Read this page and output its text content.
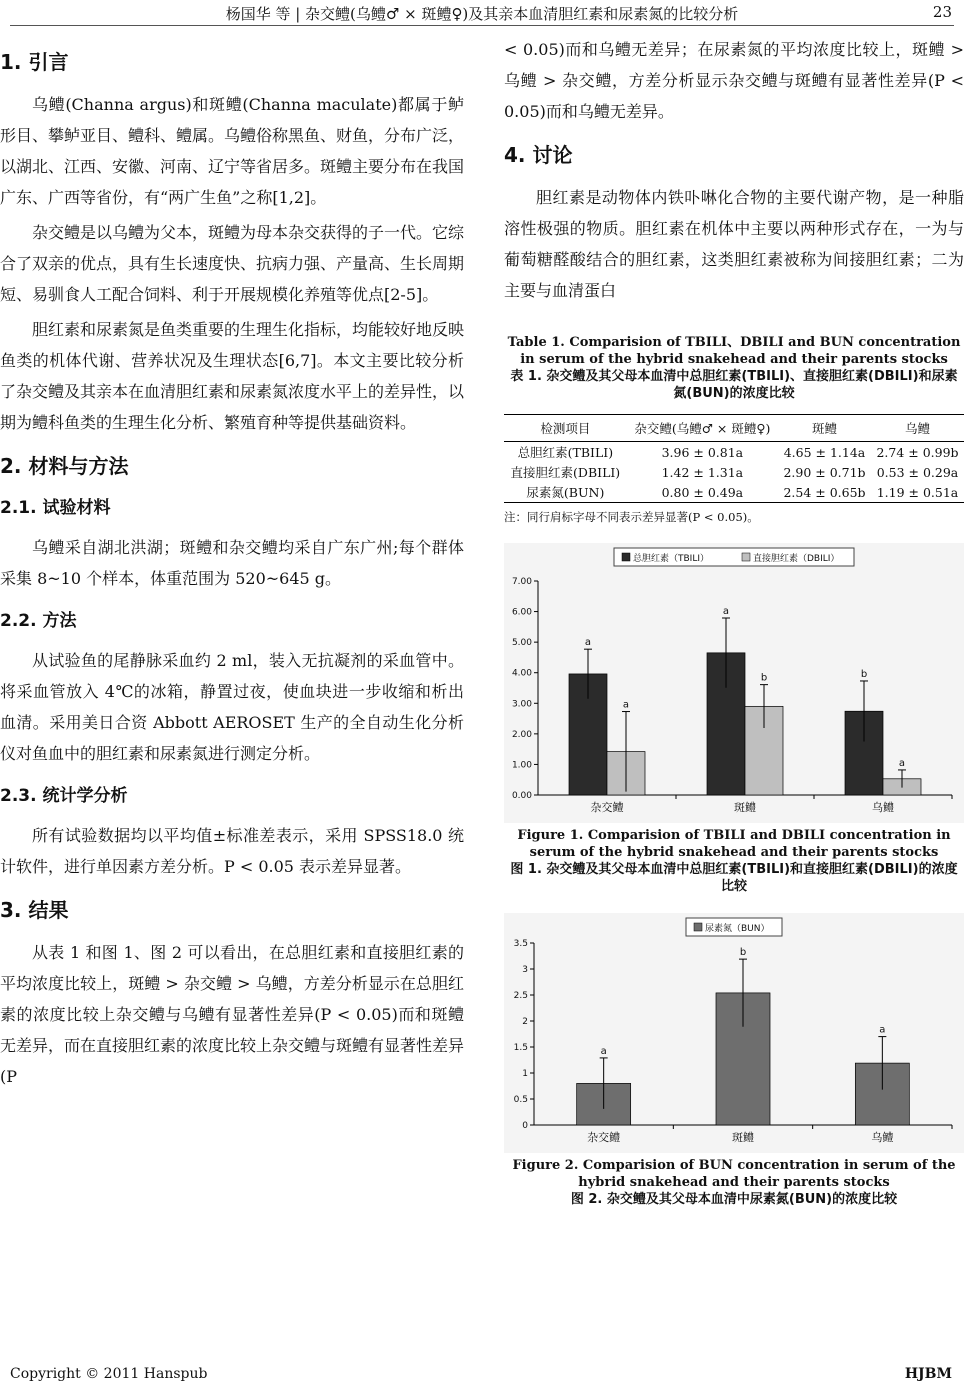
杨国华 等 | 杂交鳢(乌鳢♂ × 斑鳢♀)及其亲本血清胆红素和尿素氮的比较分析	23
1. 引言

乌鳢(Channa argus)和斑鳢(Channa maculate)都属于鲈形目、攀鲈亚目、鳢科、鳢属。乌鳢俗称黑鱼、财鱼，分布广泛，以湖北、江西、安徽、河南、辽宁等省居多。斑鳢主要分布在我国广东、广西等省份，有“两广生鱼”之称[1,2]。

杂交鳢是以乌鳢为父本，斑鳢为母本杂交获得的子一代。它综合了双亲的优点，具有生长速度快、抗病力强、产量高、生长周期短、易驯食人工配合饲料、利于开展规模化养殖等优点[2-5]。

胆红素和尿素氮是鱼类重要的生理生化指标，均能较好地反映鱼类的机体代谢、营养状况及生理状态[6,7]。本文主要比较分析了杂交鳢及其亲本在血清胆红素和尿素氮浓度水平上的差异性，以期为鳢科鱼类的生理生化分析、繁殖育种等提供基础资料。

2. 材料与方法
2.1. 试验材料

乌鳢采自湖北洪湖；斑鳢和杂交鳢均采自广东广州;每个群体采集 8~10 个样本，体重范围为 520~645 g。

2.2. 方法

从试验鱼的尾静脉采血约 2 ml，装入无抗凝剂的采血管中。将采血管放入 4℃的冰箱，静置过夜，使血块进一步收缩和析出血清。采用美日合资 Abbott AEROSET 生产的全自动生化分析仪对鱼血中的胆红素和尿素氮进行测定分析。

2.3. 统计学分析

所有试验数据均以平均值±标准差表示，采用 SPSS18.0 统计软件，进行单因素方差分析。P < 0.05 表示差异显著。

3. 结果

从表 1 和图 1、图 2 可以看出，在总胆红素和直接胆红素的平均浓度比较上，斑鳢 > 杂交鳢 > 乌鳢，方差分析显示在总胆红素的浓度比较上杂交鳢与乌鳢有显著性差异(P < 0.05)而和斑鳢无差异，而在直接胆红素的浓度比较上杂交鳢与斑鳢有显著性差异(P

< 0.05)而和乌鳢无差异；在尿素氮的平均浓度比较上，斑鳢 > 乌鳢 > 杂交鳢，方差分析显示杂交鳢与斑鳢有显著性差异(P < 0.05)而和乌鳢无差异。

4. 讨论

胆红素是动物体内铁卟啉化合物的主要代谢产物，是一种脂溶性极强的物质。胆红素在机体中主要以两种形式存在，一为与葡萄糖醛酸结合的胆红素，这类胆红素被称为间接胆红素；二为主要与血清蛋白

Table 1. Comparision of TBILI、DBILI and BUN concentration in serum of the hybrid snakehead and their parents stocks

表 1. 杂交鳢及其父母本血清中总胆红素(TBILI)、直接胆红素(DBILI)和尿素氮(BUN)的浓度比较

检测项目	杂交鳢(乌鳢♂ × 斑鳢♀)	斑鳢	乌鳢
总胆红素(TBILI)	3.96 ± 0.81a	4.65 ± 1.14a	2.74 ± 0.99b
直接胆红素(DBILI)	1.42 ± 1.31a	2.90 ± 0.71b	0.53 ± 0.29a
尿素氮(BUN)	0.80 ± 0.49a	2.54 ± 0.65b	1.19 ± 0.51a
注：同行肩标字母不同表示差异显著(P < 0.05)。
总胆红素（TBILI）	直接胆红素（DBILI）
0.00
1.00
2.00
3.00
4.00
5.00
6.00
7.00
杂交鳢
a
a
斑鳢
a
b
乌鳢
b
a

Figure 1. Comparision of TBILI and DBILI concentration in serum of the hybrid snakehead and their parents stocks

图 1. 杂交鳢及其父母本血清中总胆红素(TBILI)和直接胆红素(DBILI)的浓度比较

尿素氮（BUN）
0
0.5
1
1.5
2
2.5
3
3.5
杂交鳢
a
斑鳢
b
乌鳢
a

Figure 2. Comparision of BUN concentration in serum of the hybrid snakehead and their parents stocks

图 2. 杂交鳢及其父母本血清中尿素氮(BUN)的浓度比较

Copyright © 2011 Hanspub	HJBM
